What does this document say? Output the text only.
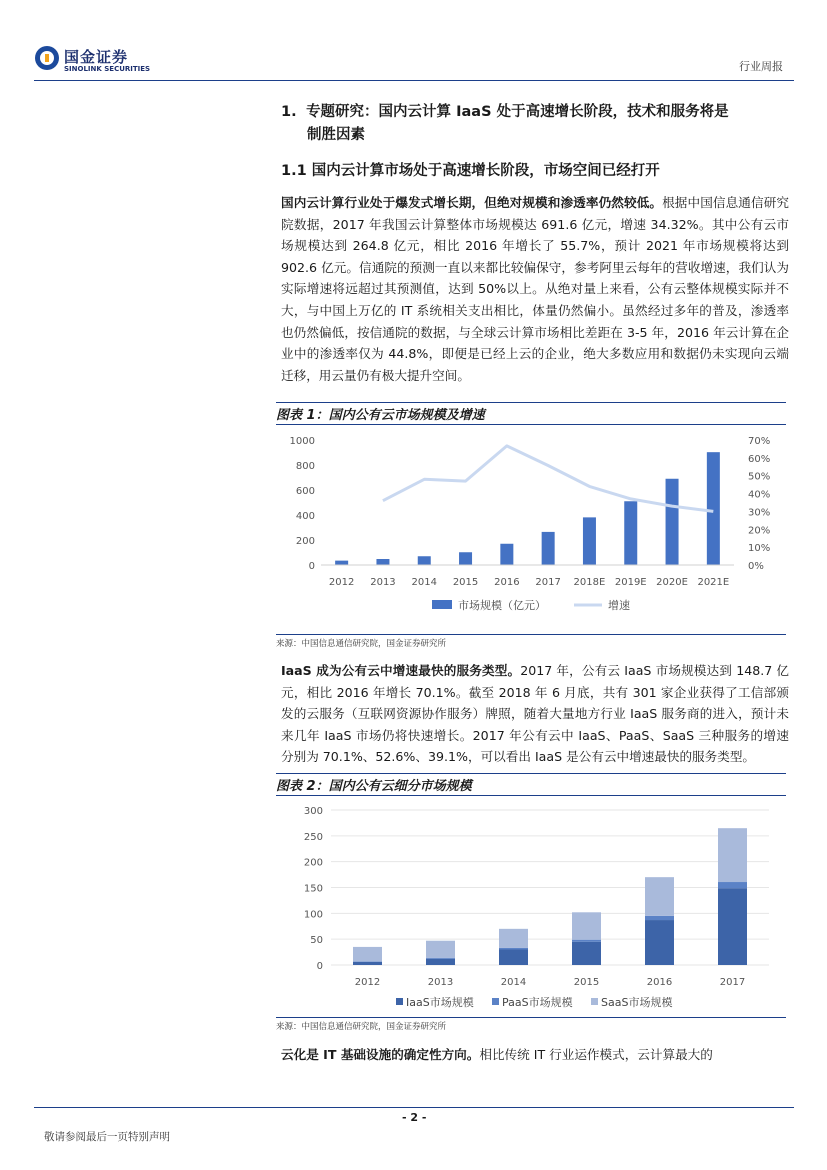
国金证券
SINOLINK SECURITIES	行业周报
1. 专题研究：国内云计算 IaaS 处于高速增长阶段，技术和服务将是
制胜因素
1.1 国内云计算市场处于高速增长阶段，市场空间已经打开
国内云计算行业处于爆发式增长期，但绝对规模和渗透率仍然较低。根据中国信息通信研究院数据，2017 年我国云计算整体市场规模达 691.6 亿元，增速 34.32%。其中公有云市场规模达到 264.8 亿元，相比 2016 年增长了 55.7%，预计 2021 年市场规模将达到 902.6 亿元。信通院的预测一直以来都比较偏保守，参考阿里云每年的营收增速，我们认为实际增速将远超过其预测值，达到 50%以上。从绝对量上来看，公有云整体规模实际并不大，与中国上万亿的 IT 系统相关支出相比，体量仍然偏小。虽然经过多年的普及，渗透率也仍然偏低，按信通院的数据，与全球云计算市场相比差距在 3-5 年，2016 年云计算在企业中的渗透率仅为 44.8%，即便是已经上云的企业，绝大多数应用和数据仍未实现向云端迁移，用云量仍有极大提升空间。
图表 1：国内公有云市场规模及增速
0
200
400
600
800
1000
0%
10%
20%
30%
40%
50%
60%
70%
2012 2013 2014 2015 2016 2017 2018E 2019E 2020E 2021E
市场规模（亿元）	增速
来源：中国信息通信研究院，国金证券研究所
IaaS 成为公有云中增速最快的服务类型。2017 年，公有云 IaaS 市场规模达到 148.7 亿元，相比 2016 年增长 70.1%。截至 2018 年 6 月底，共有 301 家企业获得了工信部颁发的云服务（互联网资源协作服务）牌照，随着大量地方行业 IaaS 服务商的进入，预计未来几年 IaaS 市场仍将快速增长。2017 年公有云中 IaaS、PaaS、SaaS 三种服务的增速分别为 70.1%、52.6%、39.1%，可以看出 IaaS 是公有云中增速最快的服务类型。
图表 2：国内公有云细分市场规模
0
50
100
150
200
250
300
2012	2013	2014	2015	2016	2017
IaaS市场规模	PaaS市场规模	SaaS市场规模
来源：中国信息通信研究院，国金证券研究所
云化是 IT 基础设施的确定性方向。相比传统 IT 行业运作模式，云计算最大的
- 2 -
敬请参阅最后一页特别声明
